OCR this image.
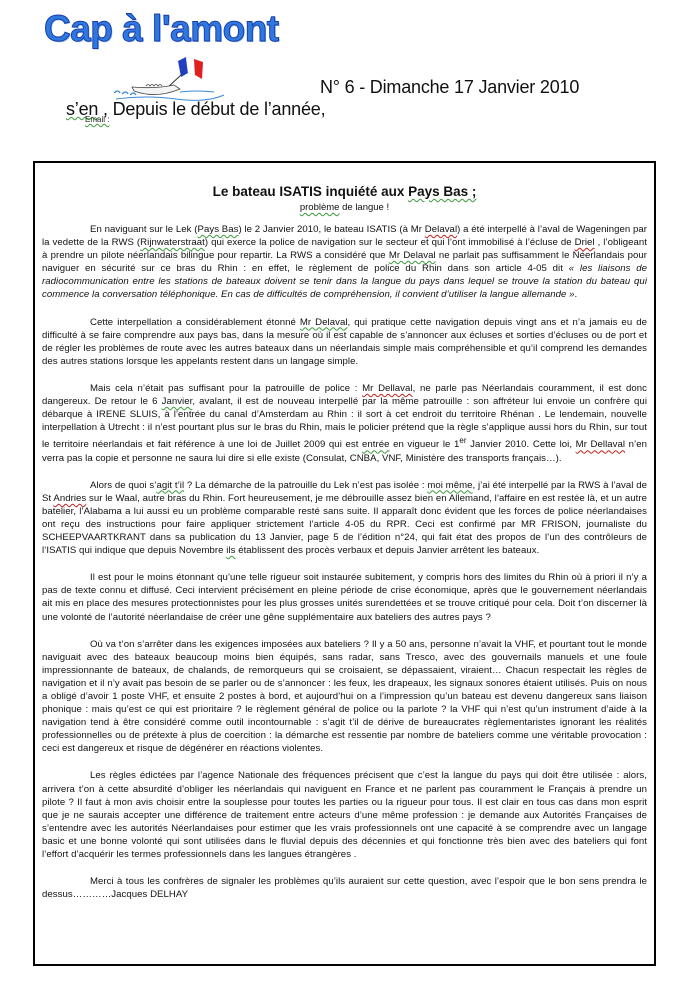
Cap à l'amont
N° 6 - Dimanche 17 Janvier 2010
s’en , Depuis le début de l’année,
Email :
Le bateau ISATIS inquiété aux Pays Bas ;
problème de langue !

En naviguant sur le Lek (Pays Bas) le 2 Janvier 2010, le bateau ISATIS (à Mr Delaval) a été interpellé à l’aval de Wageningen par la vedette de la RWS (Rijnwaterstraat) qui exerce la police de navigation sur le secteur et qui l’ont immobilisé à l’écluse de Driel , l’obligeant à prendre un pilote néerlandais bilingue pour repartir. La RWS a considéré que Mr Delaval ne parlait pas suffisamment le Néerlandais pour naviguer en sécurité sur ce bras du Rhin : en effet, le règlement de police du Rhin dans son article 4-05 dit « les liaisons de radiocommunication entre les stations de bateaux doivent se tenir dans la langue du pays dans lequel se trouve la station du bateau qui commence la conversation téléphonique. En cas de difficultés de compréhension, il convient d’utiliser la langue allemande ».

Cette interpellation a considérablement étonné Mr Delaval, qui pratique cette navigation depuis vingt ans et n’a jamais eu de difficulté à se faire comprendre aux pays bas, dans la mesure où il est capable de s’annoncer aux écluses et sorties d’écluses ou de port et de régler les problèmes de route avec les autres bateaux dans un néerlandais simple mais compréhensible et qu’il comprend les demandes des autres stations lorsque les appelants restent dans un langage simple.

Mais cela n’était pas suffisant pour la patrouille de police : Mr Dellaval, ne parle pas Néerlandais couramment, il est donc dangereux. De retour le 6 Janvier, avalant, il est de nouveau interpellé par la même patrouille : son affréteur lui envoie un confrère qui débarque à IRENE SLUIS, à l’entrée du canal d’Amsterdam au Rhin : il sort à cet endroit du territoire Rhénan . Le lendemain, nouvelle interpellation à Utrecht : il n’est pourtant plus sur le bras du Rhin, mais le policier prétend que la règle s’applique aussi hors du Rhin, sur tout le territoire néerlandais et fait référence à une loi de Juillet 2009 qui est entrée en vigueur le 1er Janvier 2010. Cette loi, Mr Dellaval n’en verra pas la copie et personne ne saura lui dire si elle existe (Consulat, CNBA, VNF, Ministère des transports français…).

Alors de quoi s’agit t’il ? La démarche de la patrouille du Lek n’est pas isolée : moi même, j’ai été interpellé par la RWS à l’aval de St Andries sur le Waal, autre bras du Rhin. Fort heureusement, je me débrouille assez bien en Allemand, l’affaire en est restée là, et un autre batelier, l’Alabama a lui aussi eu un problème comparable resté sans suite. Il apparaît donc évident que les forces de police néerlandaises ont reçu des instructions pour faire appliquer strictement l’article 4-05 du RPR. Ceci est confirmé par MR FRISON, journaliste du SCHEEPVAARTKRANT dans sa publication du 13 Janvier, page 5 de l’édition n°24, qui fait état des propos de l’un des contrôleurs de l’ISATIS qui indique que depuis Novembre ils établissent des procès verbaux et depuis Janvier arrêtent les bateaux.

Il est pour le moins étonnant qu’une telle rigueur soit instaurée subitement, y compris hors des limites du Rhin où à priori il n’y a pas de texte connu et diffusé. Ceci intervient précisément en pleine période de crise économique, après que le gouvernement néerlandais ait mis en place des mesures protectionnistes pour les plus grosses unités surendettées et se trouve critiqué pour cela. Doit t’on discerner là une volonté de l’autorité néerlandaise de créer une gêne supplémentaire aux bateliers des autres pays ?

Où va t’on s’arrêter dans les exigences imposées aux bateliers ? Il y a 50 ans, personne n’avait la VHF, et pourtant tout le monde naviguait avec des bateaux beaucoup moins bien équipés, sans radar, sans Tresco, avec des gouvernails manuels et une foule impressionnante de bateaux, de chalands, de remorqueurs qui se croisaient, se dépassaient, viraient… Chacun respectait les règles de navigation et il n’y avait pas besoin de se parler ou de s’annoncer : les feux, les drapeaux, les signaux sonores étaient utilisés. Puis on nous a obligé d’avoir 1 poste VHF, et ensuite 2 postes à bord, et aujourd’hui on a l’impression qu’un bateau est devenu dangereux sans liaison phonique : mais qu’est ce qui est prioritaire ? le règlement général de police ou la parlote ? la VHF qui n’est qu’un instrument d’aide à la navigation tend à être considéré comme outil incontournable : s’agit t’il de dérive de bureaucrates règlementaristes ignorant les réalités professionnelles ou de prétexte à plus de coercition : la démarche est ressentie par nombre de bateliers comme une véritable provocation : ceci est dangereux et risque de dégénérer en réactions violentes.

Les règles édictées par l’agence Nationale des fréquences précisent que c’est la langue du pays qui doit être utilisée : alors, arrivera t’on à cette absurdité d’obliger les néerlandais qui naviguent en France et ne parlent pas couramment le Français à prendre un pilote ? Il faut à mon avis choisir entre la souplesse pour toutes les parties ou la rigueur pour tous. Il est clair en tous cas dans mon esprit que je ne saurais accepter une différence de traitement entre acteurs d’une même profession : je demande aux Autorités Françaises de s’entendre avec les autorités Néerlandaises pour estimer que les vrais professionnels ont une capacité à se comprendre avec un langage basic et une bonne volonté qui sont utilisées dans le fluvial depuis des décennies et qui fonctionne très bien avec des bateliers qui font l’effort d’acquérir les termes professionnels dans les langues étrangères .

Merci à tous les confrères de signaler les problèmes qu’ils auraient sur cette question, avec l’espoir que le bon sens prendra le dessus…………Jacques DELHAY
